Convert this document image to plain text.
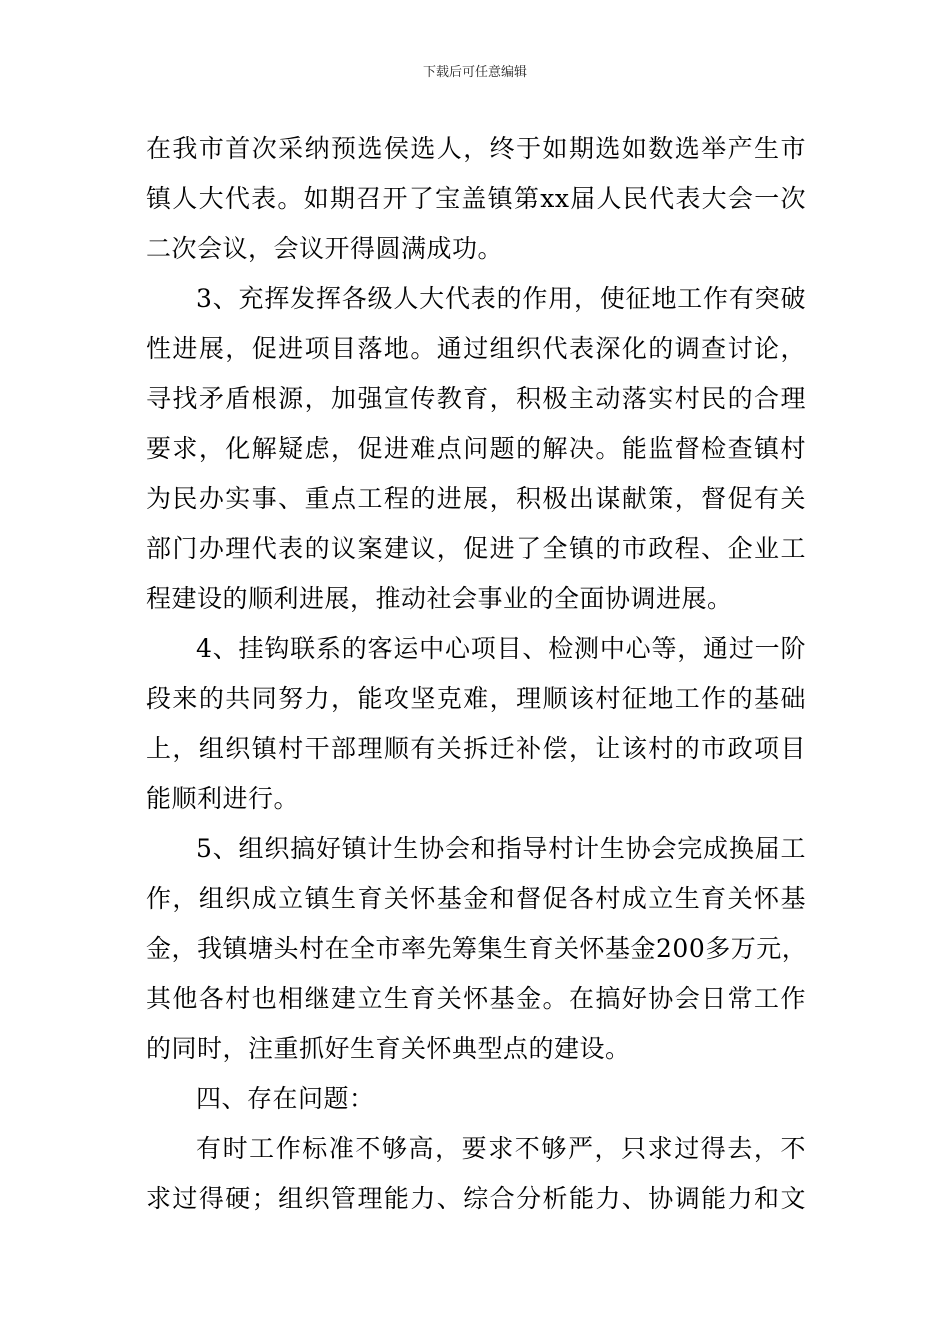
下载后可任意编辑
在我市首次采纳预选侯选人，终于如期选如数选举产生市
镇人大代表。如期召开了宝盖镇第xx届人民代表大会一次
二次会议，会议开得圆满成功。
3、充挥发挥各级人大代表的作用，使征地工作有突破
性进展，促进项目落地。通过组织代表深化的调查讨论，
寻找矛盾根源，加强宣传教育，积极主动落实村民的合理
要求，化解疑虑，促进难点问题的解决。能监督检查镇村
为民办实事、重点工程的进展，积极出谋献策，督促有关
部门办理代表的议案建议，促进了全镇的市政程、企业工
程建设的顺利进展，推动社会事业的全面协调进展。
4、挂钩联系的客运中心项目、检测中心等，通过一阶
段来的共同努力，能攻坚克难，理顺该村征地工作的基础
上，组织镇村干部理顺有关拆迁补偿，让该村的市政项目
能顺利进行。
5、组织搞好镇计生协会和指导村计生协会完成换届工
作，组织成立镇生育关怀基金和督促各村成立生育关怀基
金，我镇塘头村在全市率先筹集生育关怀基金200多万元，
其他各村也相继建立生育关怀基金。在搞好协会日常工作
的同时，注重抓好生育关怀典型点的建设。
四、存在问题：
有时工作标准不够高，要求不够严，只求过得去，不
求过得硬；组织管理能力、综合分析能力、协调能力和文
